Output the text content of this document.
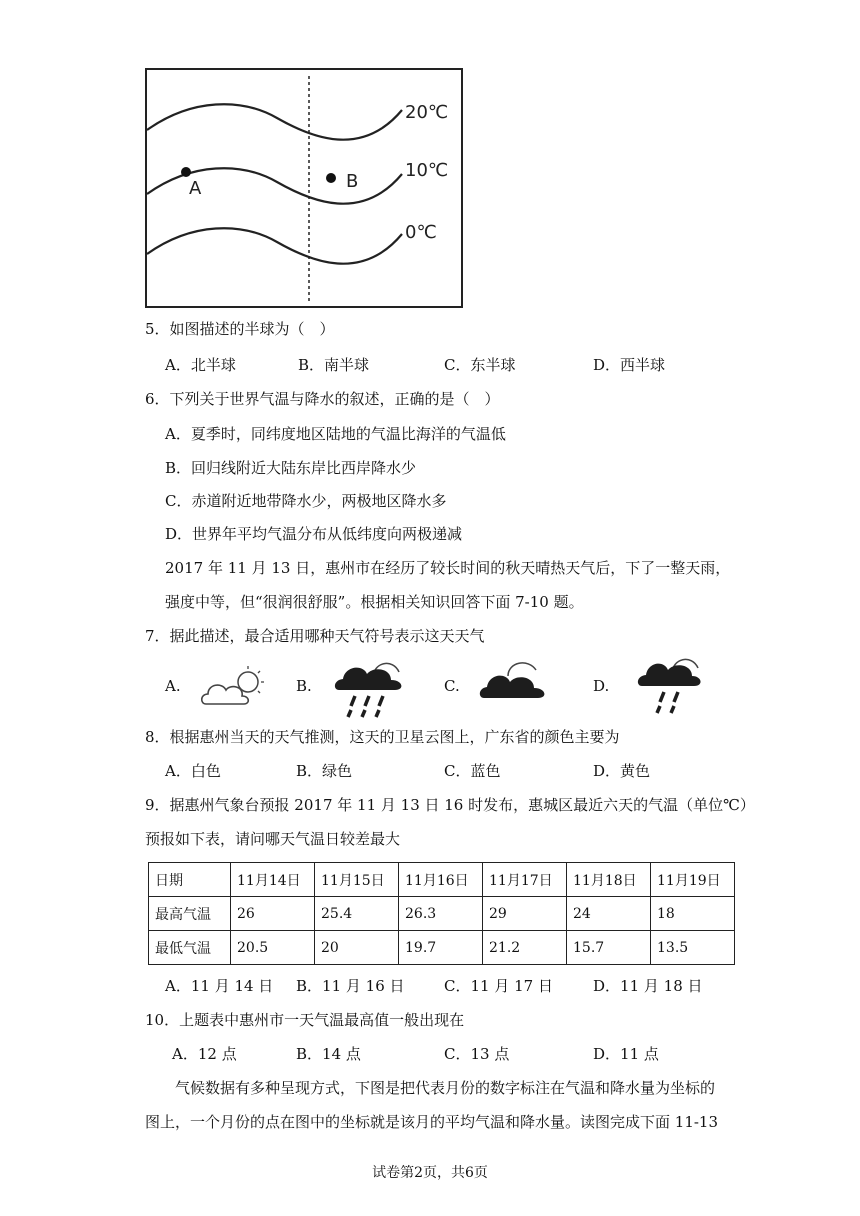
20℃
10℃
0℃
A	B
5．如图描述的半球为（　）
A．北半球	B．南半球	C．东半球	D．西半球
6．下列关于世界气温与降水的叙述，正确的是（　）
A．夏季时，同纬度地区陆地的气温比海洋的气温低
B．回归线附近大陆东岸比西岸降水少
C．赤道附近地带降水少，两极地区降水多
D．世界年平均气温分布从低纬度向两极递减
2017 年 11 月 13 日，惠州市在经历了较长时间的秋天晴热天气后，下了一整天雨，
强度中等，但“很润很舒服”。根据相关知识回答下面 7-10 题。
7．据此描述，最合适用哪种天气符号表示这天天气
A.	B.	C.	D.
8．根据惠州当天的天气推测，这天的卫星云图上，广东省的颜色主要为
A．白色	B．绿色	C．蓝色	D．黄色
9．据惠州气象台预报 2017 年 11 月 13 日 16 时发布，惠城区最近六天的气温（单位℃）
预报如下表，请问哪天气温日较差最大
日期	11月14日	11月15日	11月16日	11月17日	11月18日	11月19日
最高气温	26	25.4	26.3	29	24	18
最低气温	20.5	20	19.7	21.2	15.7	13.5
A．11 月 14 日 B．11 月 16 日	C．11 月 17 日	D．11 月 18 日
10．上题表中惠州市一天气温最高值一般出现在
A．12 点	B．14 点	C．13 点	D．11 点
气候数据有多种呈现方式，下图是把代表月份的数字标注在气温和降水量为坐标的
图上，一个月份的点在图中的坐标就是该月的平均气温和降水量。读图完成下面 11-13
试卷第2页，共6页
